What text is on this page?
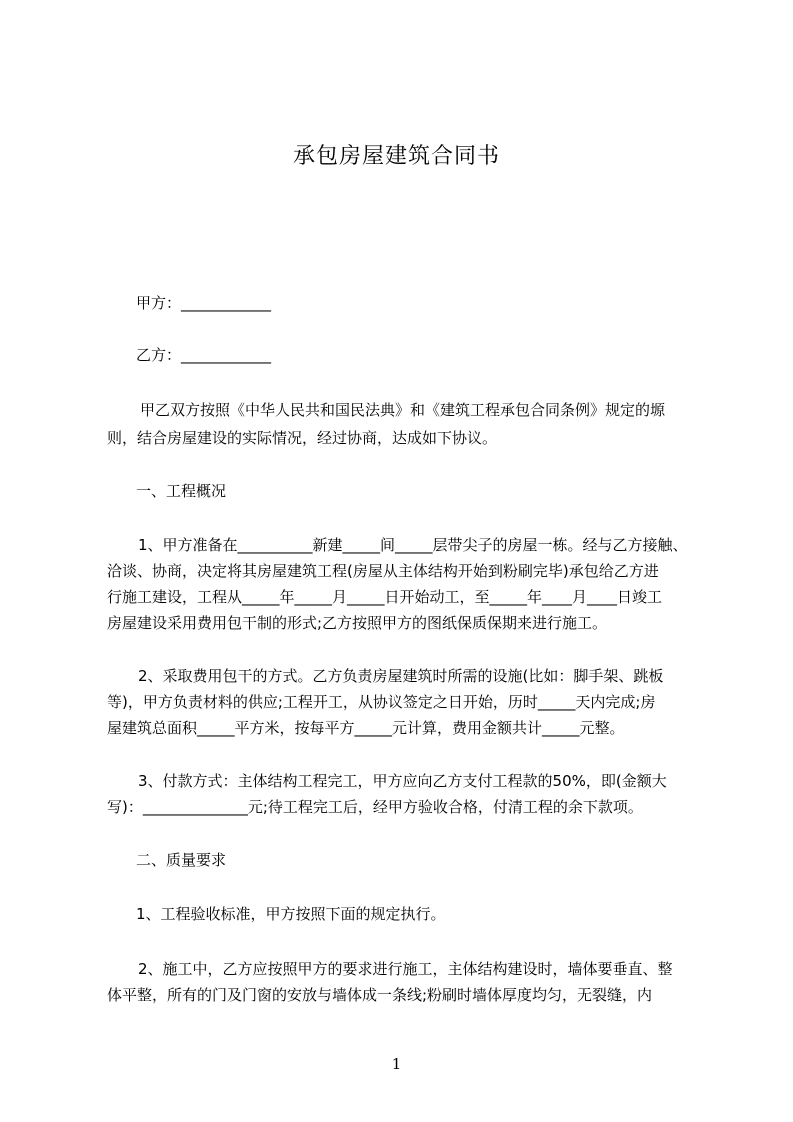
承包房屋建筑合同书
甲方：____________
乙方：____________
甲乙双方按照《中华人民共和国民法典》和《建筑工程承包合同条例》规定的塬
则，结合房屋建设的实际情况，经过协商，达成如下协议。
一、工程概况
1、甲方准备在__________新建_____间_____层带尖子的房屋一栋。经与乙方接触、
洽谈、协商，决定将其房屋建筑工程(房屋从主体结构开始到粉刷完毕)承包给乙方进
行施工建设，工程从_____年_____月_____日开始动工，至_____年____月____日竣工
房屋建设采用费用包干制的形式;乙方按照甲方的图纸保质保期来进行施工。
2、采取费用包干的方式。乙方负责房屋建筑时所需的设施(比如：脚手架、跳板
等)，甲方负责材料的供应;工程开工，从协议签定之日开始，历时_____天内完成;房
屋建筑总面积_____平方米，按每平方_____元计算，费用金额共计_____元整。
3、付款方式：主体结构工程完工，甲方应向乙方支付工程款的50%，即(金额大
写)：______________元;待工程完工后，经甲方验收合格，付清工程的余下款项。
二、质量要求
1、工程验收标准，甲方按照下面的规定执行。
2、施工中，乙方应按照甲方的要求进行施工，主体结构建设时，墙体要垂直、整
体平整，所有的门及门窗的安放与墙体成一条线;粉刷时墙体厚度均匀，无裂缝，内
1
